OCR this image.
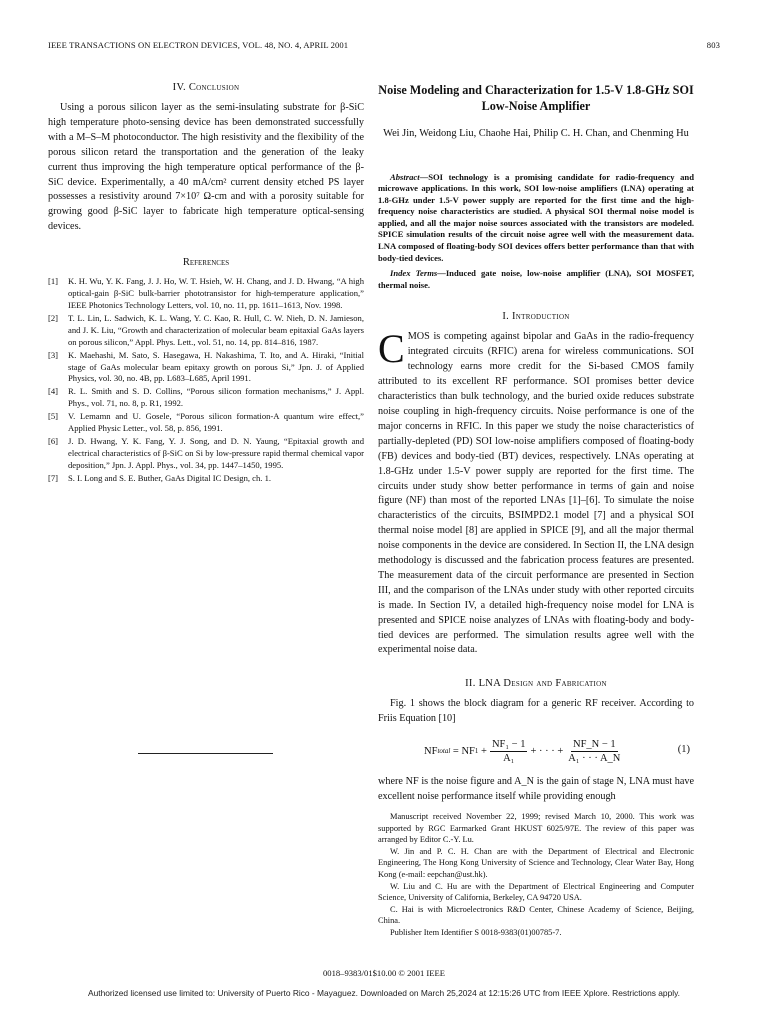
IEEE TRANSACTIONS ON ELECTRON DEVICES, VOL. 48, NO. 4, APRIL 2001	803
IV. Conclusion

Using a porous silicon layer as the semi-insulating substrate for β-SiC high temperature photo-sensing device has been demonstrated successfully with a M–S–M photoconductor. The high resistivity and the flexibility of the porous silicon retard the transportation and the generation of the leaky current thus improving the high temperature optical performance of the β-SiC device. Experimentally, a 40 mA/cm² current density etched PS layer possesses a resistivity around 7×10⁷ Ω-cm and with a porosity suitable for growing good β-SiC layer to fabricate high temperature optical-sensing devices.

References
[1]	K. H. Wu, Y. K. Fang, J. J. Ho, W. T. Hsieh, W. H. Chang, and J. D. Hwang, “A high optical-gain β-SiC bulk-barrier phototransistor for high-temperature application,” IEEE Photonics Technology Letters, vol. 10, no. 11, pp. 1611–1613, Nov. 1998.
[2]	T. L. Lin, L. Sadwich, K. L. Wang, Y. C. Kao, R. Hull, C. W. Nieh, D. N. Jamieson, and J. K. Liu, “Growth and characterization of molecular beam epitaxial GaAs layers on porous silicon,” Appl. Phys. Lett., vol. 51, no. 14, pp. 814–816, 1987.
[3]	K. Maehashi, M. Sato, S. Hasegawa, H. Nakashima, T. Ito, and A. Hiraki, “Initial stage of GaAs molecular beam epitaxy growth on porous Si,” Jpn. J. of Applied Physics, vol. 30, no. 4B, pp. L683–L685, April 1991.
[4]	R. L. Smith and S. D. Collins, “Porous silicon formation mechanisms,” J. Appl. Phys., vol. 71, no. 8, p. R1, 1992.
[5]	V. Lemamn and U. Gosele, “Porous silicon formation-A quantum wire effect,” Applied Physic Letter., vol. 58, p. 856, 1991.
[6]	J. D. Hwang, Y. K. Fang, Y. J. Song, and D. N. Yaung, “Epitaxial growth and electrical characteristics of β-SiC on Si by low-pressure rapid thermal chemical vapor deposition,” Jpn. J. Appl. Phys., vol. 34, pp. 1447–1450, 1995.
[7]	S. I. Long and S. E. Buther, GaAs Digital IC Design, ch. 1.
Noise Modeling and Characterization for 1.5-V 1.8-GHz SOI Low-Noise Amplifier
Wei Jin, Weidong Liu, Chaohe Hai, Philip C. H. Chan, and Chenming Hu

Abstract—SOI technology is a promising candidate for radio-frequency and microwave applications. In this work, SOI low-noise amplifiers (LNA) operating at 1.8-GHz under 1.5-V power supply are reported for the first time and the high-frequency noise characteristics are studied. A physical SOI thermal noise model is applied, and all the major noise sources associated with the transistors are modeled. SPICE simulation results of the circuit noise agree well with the measurement data. LNA composed of floating-body SOI devices offers better performance than that with body-tied devices.

Index Terms—Induced gate noise, low-noise amplifier (LNA), SOI MOSFET, thermal noise.

I. Introduction

CMOS is competing against bipolar and GaAs in the radio-frequency integrated circuits (RFIC) arena for wireless communications. SOI technology earns more credit for the Si-based CMOS family attributed to its excellent RF performance. SOI promises better device characteristics than bulk technology, and the buried oxide reduces substrate noise coupling in high-frequency circuits. Noise performance is one of the major concerns in RFIC. In this paper we study the noise characteristics of partially-depleted (PD) SOI low-noise amplifiers composed of floating-body (FB) devices and body-tied (BT) devices, respectively. LNAs operating at 1.8-GHz under 1.5-V power supply are reported for the first time. The circuits under study show better performance in terms of gain and noise figure (NF) than most of the reported LNAs [1]–[6]. To simulate the noise characteristics of the circuits, BSIMPD2.1 model [7] and a physical SOI thermal noise model [8] are applied in SPICE [9], and all the major thermal noise components in the device are considered. In Section II, the LNA design methodology is discussed and the fabrication process features are presented. The measurement data of the circuit performance are presented in Section III, and the comparison of the LNAs under study with other reported circuits is made. In Section IV, a detailed high-frequency noise model for LNA is presented and SPICE noise analyzes of LNAs with floating-body and body-tied devices are performed. The simulation results agree well with the experimental noise data.

II. LNA Design and Fabrication

Fig. 1 shows the block diagram for a generic RF receiver. According to Friis Equation [10]

NF total
= NF 1
+ $\frac{\text{NF₁ − 1}}{\text{A₁}}$ + · · · + $\frac{NF\_N - 1}{\text{A₁ · · · A\_N}}$	(1)

where NF is the noise figure and A_N is the gain of stage N, LNA must have excellent noise performance itself while providing enough

Manuscript received November 22, 1999; revised March 10, 2000. This work was supported by RGC Earmarked Grant HKUST 6025/97E. The review of this paper was arranged by Editor C.-Y. Lu.

W. Jin and P. C. H. Chan are with the Department of Electrical and Electronic Engineering, The Hong Kong University of Science and Technology, Clear Water Bay, Hong Kong (e-mail: eepchan@ust.hk).

W. Liu and C. Hu are with the Department of Electrical Engineering and Computer Science, University of California, Berkeley, CA 94720 USA.

C. Hai is with Microelectronics R&D Center, Chinese Academy of Science, Beijing, China.

Publisher Item Identifier S 0018-9383(01)00785-7.

0018–9383/01$10.00 © 2001 IEEE
Authorized licensed use limited to: University of Puerto Rico - Mayaguez. Downloaded on March 25,2024 at 12:15:26 UTC from IEEE Xplore. Restrictions apply.
